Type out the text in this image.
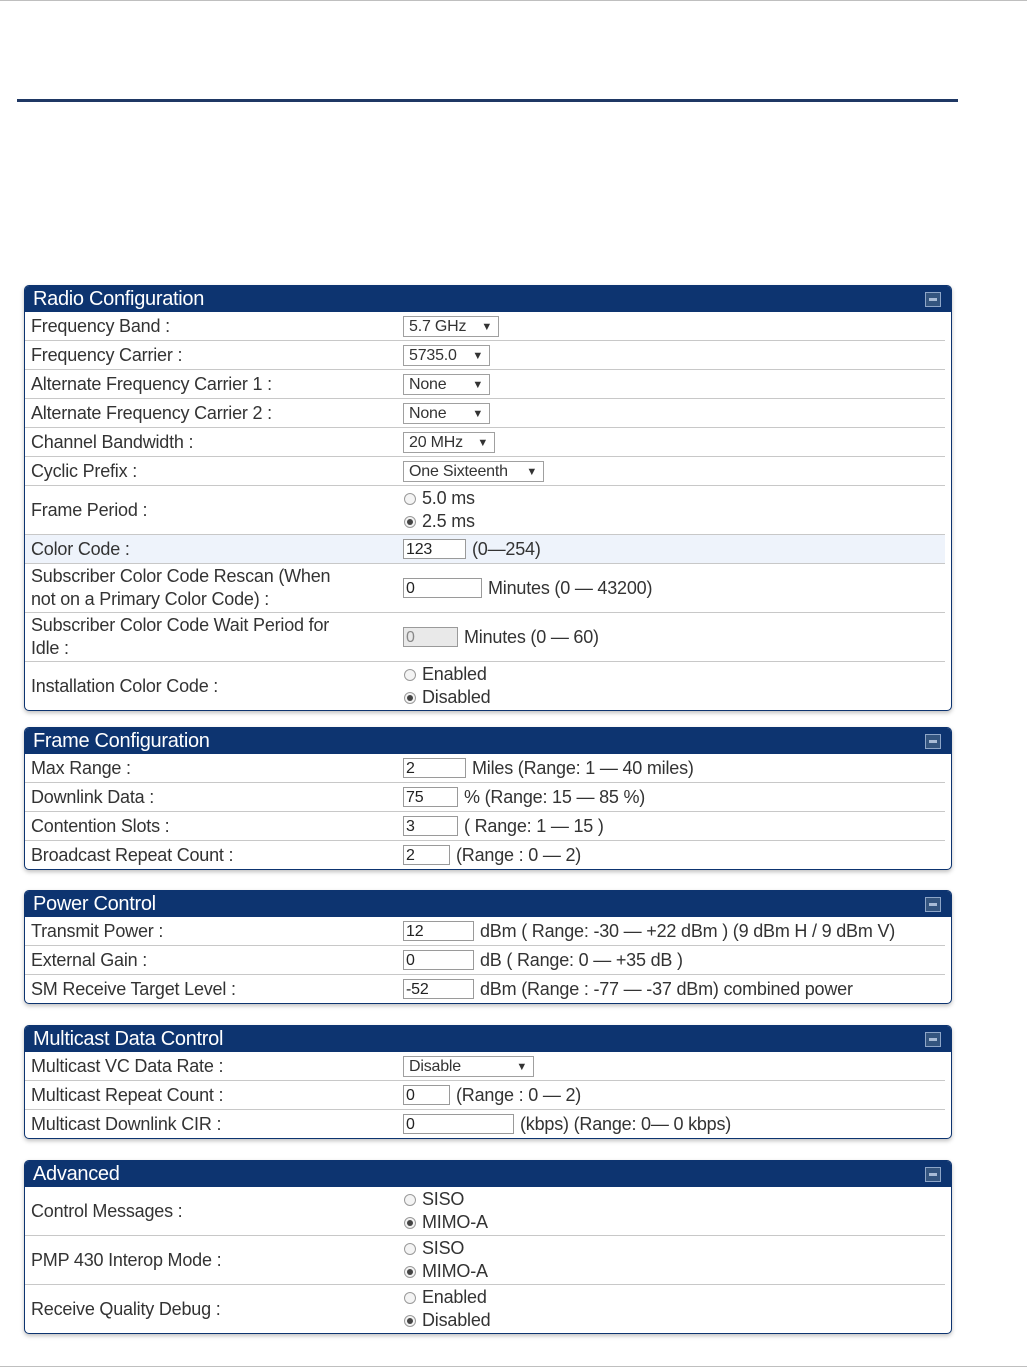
Radio Configuration
Frequency Band :	5.7 GHz ▼
Frequency Carrier :	5735.0 ▼
Alternate Frequency Carrier 1 :	None ▼
Alternate Frequency Carrier 2 :	None ▼
Channel Bandwidth :	20 MHz ▼
Cyclic Prefix :	One Sixteenth ▼
Frame Period :
5.0 ms
2.5 ms
Color Code :	123	(0—254)
Subscriber Color Code Rescan (When
not on a Primary Color Code) :
0	Minutes (0 — 43200)
Subscriber Color Code Wait Period for
Idle :
0	Minutes (0 — 60)
Installation Color Code :
Enabled
Disabled
Frame Configuration
Max Range :	2	Miles (Range: 1 — 40 miles)
Downlink Data :	75	% (Range: 15 — 85 %)
Contention Slots :	3	( Range: 1 — 15 )
Broadcast Repeat Count :	2	(Range : 0 — 2)
Power Control
Transmit Power :	12	dBm ( Range: -30 — +22 dBm ) (9 dBm H / 9 dBm V)
External Gain :	0	dB ( Range: 0 — +35 dB )
SM Receive Target Level :	-52	dBm (Range : -77 — -37 dBm) combined power
Multicast Data Control
Multicast VC Data Rate :	Disable	▼
Multicast Repeat Count :	0	(Range : 0 — 2)
Multicast Downlink CIR :	0	(kbps) (Range: 0— 0 kbps)
Advanced
Control Messages :
SISO
MIMO-A
PMP 430 Interop Mode :
SISO
MIMO-A
Receive Quality Debug :
Enabled
Disabled
